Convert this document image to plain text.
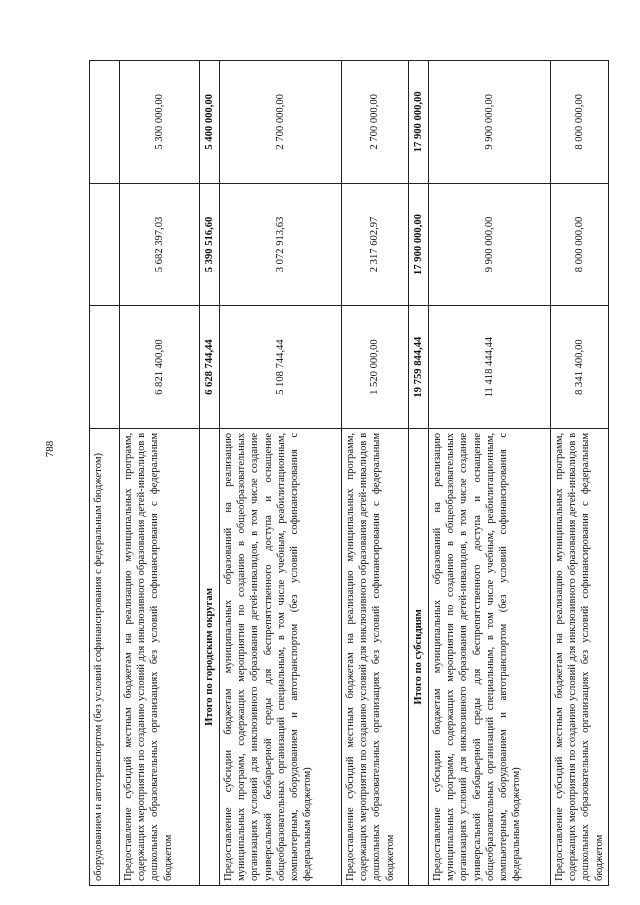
788
оборудованием и автотранспортом (без условий софинансирования с федеральным бюджетом)			
Предоставление субсидий местным бюджетам на реализацию муниципальных программ, содержащих мероприятия по созданию условий для инклюзивного образования детей-инвалидов в дошкольных образовательных организациях без условий софинансирования с федеральным бюджетом	6 821 400,00	5 682 397,03	5 300 000,00
Итого по городским округам	6 628 744,44	5 390 516,60	5 400 000,00
Предоставление субсидии бюджетам муниципальных образований на реализацию муниципальных программ, содержащих мероприятия по созданию в общеобразовательных организациях условий для инклюзивного образования детей-инвалидов, в том числе создание универсальной безбарьерной среды для беспрепятственного доступа и оснащение общеобразовательных организаций специальным, в том числе учебным, реабилитационным, компьютерным, оборудованием и автотранспортом (без условий софинансирования с федеральным бюджетом)	5 108 744,44	3 072 913,63	2 700 000,00
Предоставление субсидий местным бюджетам на реализацию муниципальных программ, содержащих мероприятия по созданию условий для инклюзивного образования детей-инвалидов в дошкольных образовательных организациях без условий софинансирования с федеральным бюджетом	1 520 000,00	2 317 602,97	2 700 000,00
Итого по субсидиям	19 759 844,44	17 900 000,00	17 900 000,00
Предоставление субсидии бюджетам муниципальных образований на реализацию муниципальных программ, содержащих мероприятия по созданию в общеобразовательных организациях условий для инклюзивного образования детей-инвалидов, в том числе создание универсальной безбарьерной среды для беспрепятственного доступа и оснащение общеобразовательных организаций специальным, в том числе учебным, реабилитационным, компьютерным, оборудованием и автотранспортом (без условий софинансирования с федеральным бюджетом)	11 418 444,44	9 900 000,00	9 900 000,00
Предоставление субсидий местным бюджетам на реализацию муниципальных программ, содержащих мероприятия по созданию условий для инклюзивного образования детей-инвалидов в дошкольных образовательных организациях без условий софинансирования с федеральным бюджетом	8 341 400,00	8 000 000,00	8 000 000,00
